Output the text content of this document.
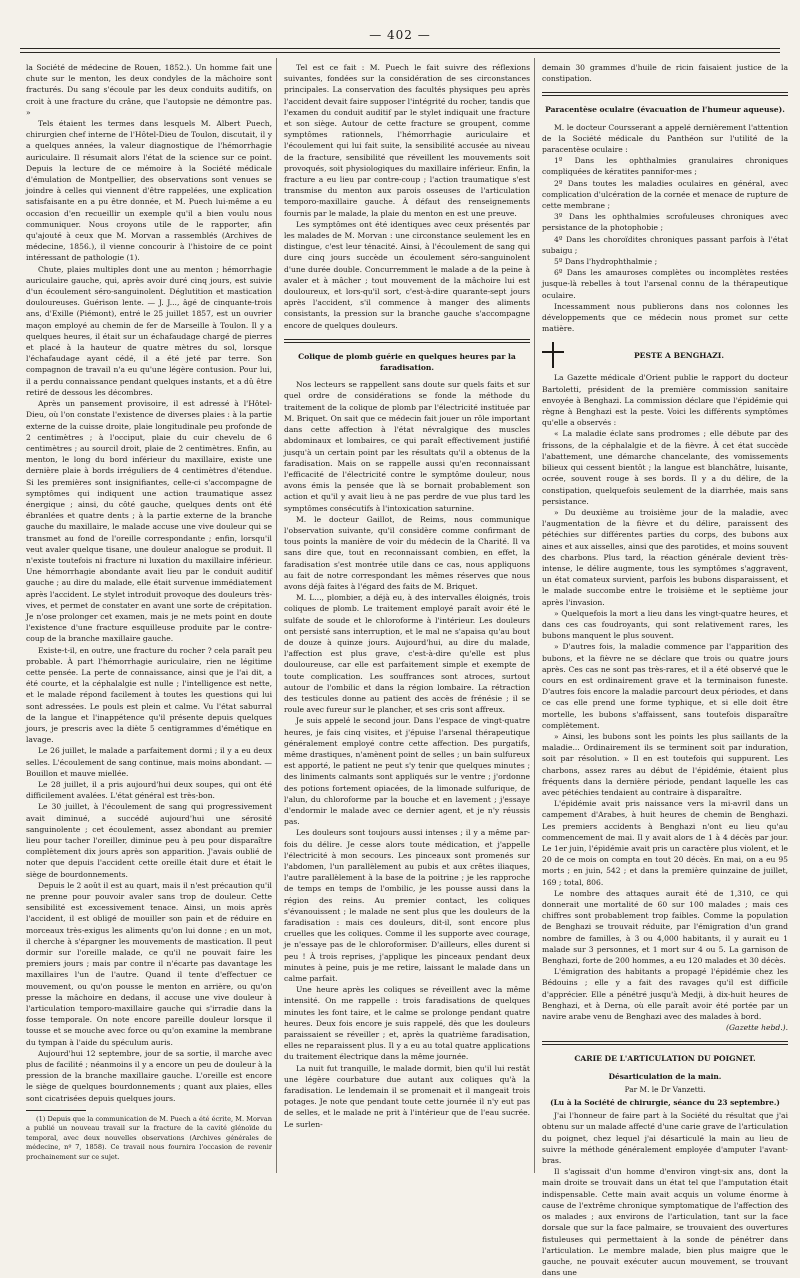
— 402 —

la Société de médecine de Rouen, 1852.). Un homme fait une chute sur le menton, les deux condyles de la mâchoire sont fracturés. Du sang s'écoule par les deux conduits auditifs, on croit à une fracture du crâne, que l'autopsie ne démontre pas. »

Tels étaient les termes dans lesquels M. Albert Puech, chirurgien chef interne de l'Hôtel-Dieu de Toulon, discutait, il y a quelques années, la valeur diagnostique de l'hémorrhagie auriculaire. Il résumait alors l'état de la science sur ce point. Depuis la lecture de ce mémoire à la Société médicale d'émulation de Montpellier, des observations sont venues se joindre à celles qui viennent d'être rappelées, une explication satisfaisante en a pu être donnée, et M. Puech lui-même a eu occasion d'en recueillir un exemple qu'il a bien voulu nous communiquer. Nous croyons utile de le rapporter, afin qu'ajouté à ceux que M. Morvan a rassemblés (Archives de médecine, 1856.), il vienne concourir à l'histoire de ce point intéressant de pathologie (1).

Chute, plaies multiples dont une au menton ; hémorrhagie auriculaire gauche, qui, après avoir duré cinq jours, est suivie d'un écoulement séro-sanguinolent. Déglutition et mastication douloureuses. Guérison lente. — J. J..., âgé de cinquante-trois ans, d'Exille (Piémont), entré le 25 juillet 1857, est un ouvrier maçon employé au chemin de fer de Marseille à Toulon. Il y a quelques heures, il était sur un échafaudage chargé de pierres et placé à la hauteur de quatre mètres du sol, lorsque l'échafaudage ayant cédé, il a été jeté par terre. Son compagnon de travail n'a eu qu'une légère contusion. Pour lui, il a perdu connaissance pendant quelques instants, et a dû être retiré de dessous les décombres.

Après un pansement provisoire, il est adressé à l'Hôtel-Dieu, où l'on constate l'existence de diverses plaies : à la partie externe de la cuisse droite, plaie longitudinale peu profonde de 2 centimètres ; à l'occiput, plaie du cuir chevelu de 6 centimètres ; au sourcil droit, plaie de 2 centimètres. Enfin, au menton, le long du bord inférieur du maxillaire, existe une dernière plaie à bords irréguliers de 4 centimètres d'étendue. Si les premières sont insignifiantes, celle-ci s'accompagne de symptômes qui indiquent une action traumatique assez énergique ; ainsi, du côté gauche, quelques dents ont été ébranlées et quatre dents ; à la partie externe de la branche gauche du maxillaire, le malade accuse une vive douleur qui se transmet au fond de l'oreille correspondante ; enfin, lorsqu'il veut avaler quelque tisane, une douleur analogue se produit. Il n'existe toutefois ni fracture ni luxation du maxillaire inférieur. Une hémorrhagie abondante avait lieu par le conduit auditif gauche ; au dire du malade, elle était survenue immédiatement après l'accident. Le stylet introduit provoque des douleurs très-vives, et permet de constater en avant une sorte de crépitation. Je n'ose prolonger cet examen, mais je ne mets point en doute l'existence d'une fracture esquilleuse produite par le contre-coup de la branche maxillaire gauche.

Existe-t-il, en outre, une fracture du rocher ? cela paraît peu probable. À part l'hémorrhagie auriculaire, rien ne légitime cette pensée. La perte de connaissance, ainsi que je l'ai dit, a été courte, et la céphalalgie est nulle ; l'intelligence est nette, et le malade répond facilement à toutes les questions qui lui sont adressées. Le pouls est plein et calme. Vu l'état saburral de la langue et l'inappétence qu'il présente depuis quelques jours, je prescris avec la diète 5 centigrammes d'émétique en lavage.

Le 26 juillet, le malade a parfaitement dormi ; il y a eu deux selles. L'écoulement de sang continue, mais moins abondant. — Bouillon et mauve miellée.

Le 28 juillet, il a pris aujourd'hui deux soupes, qui ont été difficilement avalées. L'état général est très-bon.

Le 30 juillet, à l'écoulement de sang qui progressivement avait diminué, a succédé aujourd'hui une sérosité sanguinolente ; cet écoulement, assez abondant au premier lieu pour tacher l'oreiller, diminue peu à peu pour disparaître complètement dix jours après son apparition. J'avais oublié de noter que depuis l'accident cette oreille était dure et était le siège de bourdonnements.

Depuis le 2 août il est au quart, mais il n'est précaution qu'il ne prenne pour pouvoir avaler sans trop de douleur. Cette sensibilité est excessivement tenace. Ainsi, un mois après l'accident, il est obligé de mouiller son pain et de réduire en morceaux très-exigus les aliments qu'on lui donne ; en un mot, il cherche à s'épargner les mouvements de mastication. Il peut dormir sur l'oreille malade, ce qu'il ne pouvait faire les premiers jours ; mais par contre il n'écarte pas davantage les maxillaires l'un de l'autre. Quand il tente d'effectuer ce mouvement, ou qu'on pousse le menton en arrière, ou qu'on presse la mâchoire en dedans, il accuse une vive douleur à l'articulation temporo-maxillaire gauche qui s'irradie dans la fosse temporale. On note encore pareille douleur lorsque il tousse et se mouche avec force ou qu'on examine la membrane du tympan à l'aide du spéculum auris.

Aujourd'hui 12 septembre, jour de sa sortie, il marche avec plus de facilité ; néanmoins il y a encore un peu de douleur à la pression de la branche maxillaire gauche. L'oreille est encore le siège de quelques bourdonnements ; quant aux plaies, elles sont cicatrisées depuis quelques jours.

(1) Depuis que la communication de M. Puech a été écrite, M. Morvan a publié un nouveau travail sur la fracture de la cavité glénoïde du temporal, avec deux nouvelles observations (Archives générales de médecine, nº 7, 1858). Ce travail nous fournira l'occasion de revenir prochainement sur ce sujet.

Tel est ce fait : M. Puech le fait suivre des réflexions suivantes, fondées sur la considération de ses circonstances principales. La conservation des facultés physiques peu après l'accident devait faire supposer l'intégrité du rocher, tandis que l'examen du conduit auditif par le stylet indiquait une fracture et son siège. Autour de cette fracture se groupent, comme symptômes rationnels, l'hémorrhagie auriculaire et l'écoulement qui lui fait suite, la sensibilité accusée au niveau de la fracture, sensibilité que réveillent les mouvements soit provoqués, soit physiologiques du maxillaire inférieur. Enfin, la fracture a eu lieu par contre-coup ; l'action traumatique s'est transmise du menton aux parois osseuses de l'articulation temporo-maxillaire gauche. À défaut des renseignements fournis par le malade, la plaie du menton en est une preuve.

Les symptômes ont été identiques avec ceux présentés par les malades de M. Morvan : une circonstance seulement les en distingue, c'est leur ténacité. Ainsi, à l'écoulement de sang qui dure cinq jours succède un écoulement séro-sanguinolent d'une durée double. Concurremment le malade a de la peine à avaler et à mâcher ; tout mouvement de la mâchoire lui est douloureux, et lors-qu'il sort, c'est-à-dire quarante-sept jours après l'accident, s'il commence à manger des aliments consistants, la pression sur la branche gauche s'accompagne encore de quelques douleurs.

Colique de plomb guérie en quelques heures par la faradisation.

Nos lecteurs se rappellent sans doute sur quels faits et sur quel ordre de considérations se fonde la méthode du traitement de la colique de plomb par l'électricité instituée par M. Briquet. On sait que ce médecin fait jouer un rôle important dans cette affection à l'état névralgique des muscles abdominaux et lombaires, ce qui paraît effectivement justifié jusqu'à un certain point par les résultats qu'il a obtenus de la faradisation. Mais on se rappelle aussi qu'en reconnaissant l'efficacité de l'électricité contre le symptôme douleur, nous avons émis la pensée que là se bornait probablement son action et qu'il y avait lieu à ne pas perdre de vue plus tard les symptômes consécutifs à l'intoxication saturnine.

M. le docteur Gaillot, de Reims, nous communique l'observation suivante, qu'il considère comme confirmant de tous points la manière de voir du médecin de la Charité. Il va sans dire que, tout en reconnaissant combien, en effet, la faradisation s'est montrée utile dans ce cas, nous appliquons au fait de notre correspondant les mêmes réserves que nous avons déjà faites à l'égard des faits de M. Briquet.

M. L..., plombier, a déjà eu, à des intervalles éloignés, trois coliques de plomb. Le traitement employé paraît avoir été le sulfate de soude et le chloroforme à l'intérieur. Les douleurs ont persisté sans interruption, et le mal ne s'apaisa qu'au bout de douze à quinze jours. Aujourd'hui, au dire du malade, l'affection est plus grave, c'est-à-dire qu'elle est plus douloureuse, car elle est parfaitement simple et exempte de toute complication. Les souffrances sont atroces, surtout autour de l'ombilic et dans la région lombaire. La rétraction des testicules donne au patient des accès de frénésie ; il se roule avec fureur sur le plancher, et ses cris sont affreux.

Je suis appelé le second jour. Dans l'espace de vingt-quatre heures, je fais cinq visites, et j'épuise l'arsenal thérapeutique généralement employé contre cette affection. Des purgatifs, même drastiques, n'amènent point de selles ; un bain sulfureux est apporté, le patient ne peut s'y tenir que quelques minutes ; des liniments calmants sont appliqués sur le ventre ; j'ordonne des potions fortement opiacées, de la limonade sulfurique, de l'alun, du chloroforme par la bouche et en lavement ; j'essaye d'endormir le malade avec ce dernier agent, et je n'y réussis pas.

Les douleurs sont toujours aussi intenses ; il y a même par-fois du délire. Je cesse alors toute médication, et j'appelle l'électricité à mon secours. Les pinceaux sont promenés sur l'abdomen, l'un parallèlement au pubis et aux crêtes iliaques, l'autre parallèlement à la base de la poitrine ; je les rapproche de temps en temps de l'ombilic, je les pousse aussi dans la région des reins. Au premier contact, les coliques s'évanouissent ; le malade ne sent plus que les douleurs de la faradisation : mais ces douleurs, dit-il, sont encore plus cruelles que les coliques. Comme il les supporte avec courage, je n'essaye pas de le chloroformiser. D'ailleurs, elles durent si peu ! À trois reprises, j'applique les pinceaux pendant deux minutes à peine, puis je me retire, laissant le malade dans un calme parfait.

Une heure après les coliques se réveillent avec la même intensité. On me rappelle : trois faradisations de quelques minutes les font taire, et le calme se prolonge pendant quatre heures. Deux fois encore je suis rappelé, dès que les douleurs paraissaient se réveiller ; et, après la quatrième faradisation, elles ne reparaissent plus. Il y a eu au total quatre applications du traitement électrique dans la même journée.

La nuit fut tranquille, le malade dormit, bien qu'il lui restât une légère courbature due autant aux coliques qu'à la faradisation. Le lendemain il se promenait et il mangeait trois potages. Je note que pendant toute cette journée il n'y eut pas de selles, et le malade ne prit à l'intérieur que de l'eau sucrée. Le surlen-

demain 30 grammes d'huile de ricin faisaient justice de la constipation.

Paracentèse oculaire (évacuation de l'humeur aqueuse).

M. le docteur Coursserant a appelé dernièrement l'attention de la Société médicale du Panthéon sur l'utilité de la paracentèse oculaire :

1º Dans les ophthalmies granulaires chroniques compliquées de kératites pannifor-mes ;

2º Dans toutes les maladies oculaires en général, avec complication d'ulcération de la cornée et menace de rupture de cette membrane ;

3º Dans les ophthalmies scrofuleuses chroniques avec persistance de la photophobie ;

4º Dans les choroïdites chroniques passant parfois à l'état subaigu ;

5º Dans l'hydrophthalmie ;

6º Dans les amauroses complètes ou incomplètes restées jusque-là rebelles à tout l'arsenal connu de la thérapeutique oculaire.

Incessamment nous publierons dans nos colonnes les développements que ce médecin nous promet sur cette matière.

PESTE A BENGHAZI.

La Gazette médicale d'Orient publie le rapport du docteur Bartoletti, président de la première commission sanitaire envoyée à Benghazi. La commission déclare que l'épidémie qui règne à Benghazi est la peste. Voici les différents symptômes qu'elle a observés :

« La maladie éclate sans prodromes ; elle débute par des frissons, de la céphalalgie et de la fièvre. À cet état succède l'abattement, une démarche chancelante, des vomissements bilieux qui cessent bientôt ; la langue est blanchâtre, luisante, ocrée, souvent rouge à ses bords. Il y a du délire, de la constipation, quelquefois seulement de la diarrhée, mais sans persistance.

» Du deuxième au troisième jour de la maladie, avec l'augmentation de la fièvre et du délire, paraissent des pétéchies sur différentes parties du corps, des bubons aux aines et aux aisselles, ainsi que des parotides, et moins souvent des charbons. Plus tard, la réaction générale devient très-intense, le délire augmente, tous les symptômes s'aggravent, un état comateux survient, parfois les bubons disparaissent, et le malade succombe entre le troisième et le septième jour après l'invasion.

» Quelquefois la mort a lieu dans les vingt-quatre heures, et dans ces cas foudroyants, qui sont relativement rares, les bubons manquent le plus souvent.

» D'autres fois, la maladie commence par l'apparition des bubons, et la fièvre ne se déclare que trois ou quatre jours après. Ces cas ne sont pas très-rares, et il a été observé que le cours en est ordinairement grave et la terminaison funeste. D'autres fois encore la maladie parcourt deux périodes, et dans ce cas elle prend une forme typhique, et si elle doit être mortelle, les bubons s'affaissent, sans toutefois disparaître complètement.

» Ainsi, les bubons sont les points les plus saillants de la maladie... Ordinairement ils se terminent soit par induration, soit par résolution. » Il en est toutefois qui suppurent. Les charbons, assez rares au début de l'épidémie, étaient plus fréquents dans la dernière période, pendant laquelle les cas avec pétéchies tendaient au contraire à disparaître.

L'épidémie avait pris naissance vers la mi-avril dans un campement d'Arabes, à huit heures de chemin de Benghazi. Les premiers accidents à Benghazi n'ont eu lieu qu'au commencement de mai. Il y avait alors de 1 à 4 décès par jour. Le 1er juin, l'épidémie avait pris un caractère plus violent, et le 20 de ce mois on compta en tout 20 décès. En mai, on a eu 95 morts ; en juin, 542 ; et dans la première quinzaine de juillet, 169 ; total, 806.

Le nombre des attaques aurait été de 1,310, ce qui donnerait une mortalité de 60 sur 100 malades ; mais ces chiffres sont probablement trop faibles. Comme la population de Benghazi se trouvait réduite, par l'émigration d'un grand nombre de familles, à 3 ou 4,000 habitants, il y aurait eu 1 malade sur 3 personnes, et 1 mort sur 4 ou 5. La garnison de Benghazi, forte de 200 hommes, a eu 120 malades et 30 décès.

L'émigration des habitants a propagé l'épidémie chez les Bédouins ; elle y a fait des ravages qu'il est difficile d'apprécier. Elle a pénétré jusqu'à Medji, à dix-huit heures de Benghazi, et à Derna, où elle paraît avoir été portée par un navire arabe venu de Benghazi avec des malades à bord.

(Gazette hebd.).

CARIE DE L'ARTICULATION DU POIGNET.
Désarticulation de la main.
Par M. le Dr Vanzetti.
(Lu à la Société de chirurgie, séance du 23 septembre.)

J'ai l'honneur de faire part à la Société du résultat que j'ai obtenu sur un malade affecté d'une carie grave de l'articulation du poignet, chez lequel j'ai désarticulé la main au lieu de suivre la méthode généralement employée d'amputer l'avant-bras.

Il s'agissait d'un homme d'environ vingt-six ans, dont la main droite se trouvait dans un état tel que l'amputation était indispensable. Cette main avait acquis un volume énorme à cause de l'extrême chronique symptomatique de l'affection des os malades ; aux environs de l'articulation, tant sur la face dorsale que sur la face palmaire, se trouvaient des ouvertures fistuleuses qui permettaient à la sonde de pénétrer dans l'articulation. Le membre malade, bien plus maigre que le gauche, ne pouvait exécuter aucun mouvement, se trouvant dans une
